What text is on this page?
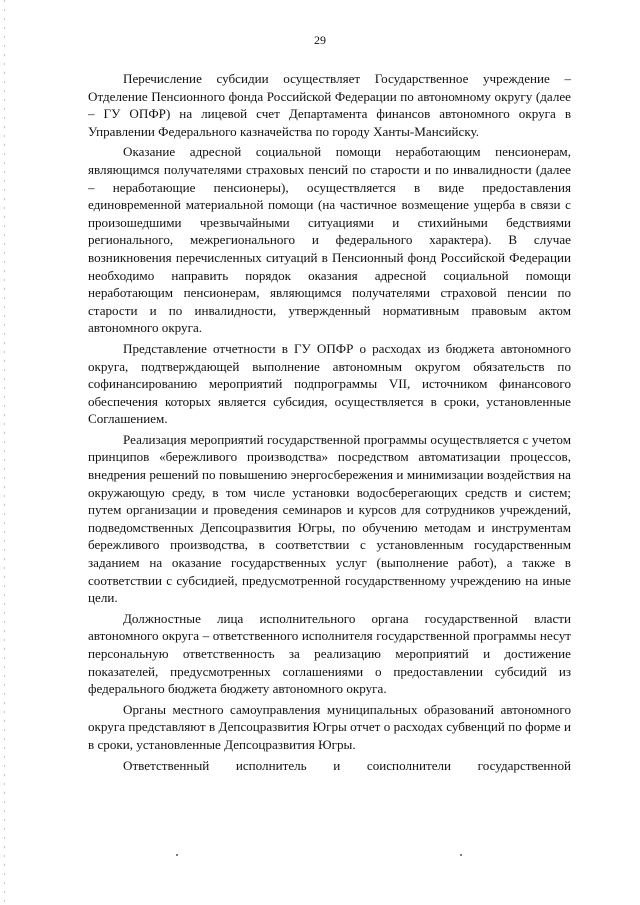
29

Перечисление субсидии осуществляет Государственное учреждение – Отделение Пенсионного фонда Российской Федерации по автономному округу (далее – ГУ ОПФР) на лицевой счет Департамента финансов автономного округа в Управлении Федерального казначейства по городу Ханты-Мансийску.

Оказание адресной социальной помощи неработающим пенсионерам, являющимся получателями страховых пенсий по старости и по инвалидности (далее – неработающие пенсионеры), осуществляется в виде предоставления единовременной материальной помощи (на частичное возмещение ущерба в связи с произошедшими чрезвычайными ситуациями и стихийными бедствиями регионального, межрегионального и федерального характера). В случае возникновения перечисленных ситуаций в Пенсионный фонд Российской Федерации необходимо направить порядок оказания адресной социальной помощи неработающим пенсионерам, являющимся получателями страховой пенсии по старости и по инвалидности, утвержденный нормативным правовым актом автономного округа.

Представление отчетности в ГУ ОПФР о расходах из бюджета автономного округа, подтверждающей выполнение автономным округом обязательств по софинансированию мероприятий подпрограммы VII, источником финансового обеспечения которых является субсидия, осуществляется в сроки, установленные Соглашением.

Реализация мероприятий государственной программы осуществляется с учетом принципов «бережливого производства» посредством автоматизации процессов, внедрения решений по повышению энергосбережения и минимизации воздействия на окружающую среду, в том числе установки водосберегающих средств и систем; путем организации и проведения семинаров и курсов для сотрудников учреждений, подведомственных Депсоцразвития Югры, по обучению методам и инструментам бережливого производства, в соответствии с установленным государственным заданием на оказание государственных услуг (выполнение работ), а также в соответствии с субсидией, предусмотренной государственному учреждению на иные цели.

Должностные лица исполнительного органа государственной власти автономного округа – ответственного исполнителя государственной программы несут персональную ответственность за реализацию мероприятий и достижение показателей, предусмотренных соглашениями о предоставлении субсидий из федерального бюджета бюджету автономного округа.

Органы местного самоуправления муниципальных образований автономного округа представляют в Депсоцразвития Югры отчет о расходах субвенций по форме и в сроки, установленные Депсоцразвития Югры.

Ответственный исполнитель и соисполнители государственной
